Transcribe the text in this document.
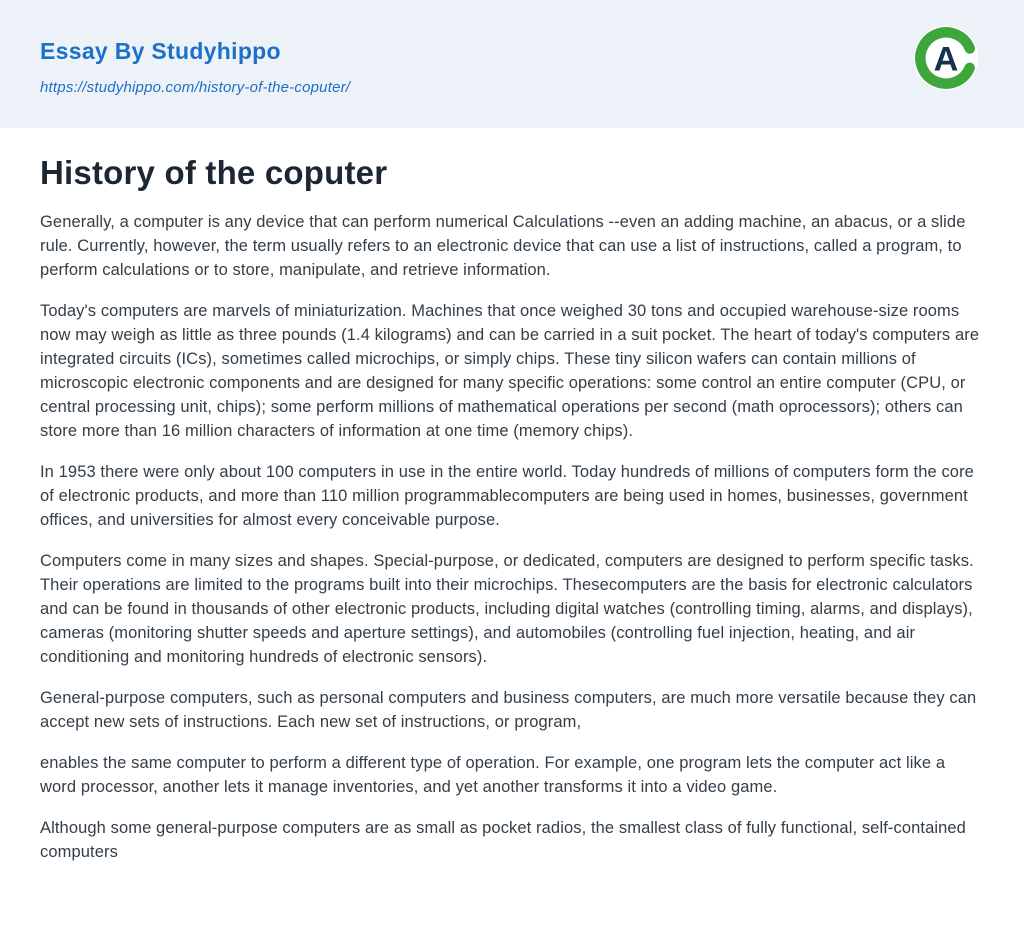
Essay By Studyhippo
https://studyhippo.com/history-of-the-coputer/
A
History of the coputer

Generally, a computer is any device that can perform numerical Calculations --even an adding machine, an abacus, or a slide rule. Currently, however, the term usually refers to an electronic device that can use a list of instructions, called a program, to perform calculations or to store, manipulate, and retrieve information.

Today's computers are marvels of miniaturization. Machines that once weighed 30 tons and occupied warehouse-size rooms now may weigh as little as three pounds (1.4 kilograms) and can be carried in a suit pocket. The heart of today's computers are integrated circuits (ICs), sometimes called microchips, or simply chips. These tiny silicon wafers can contain millions of microscopic electronic components and are designed for many specific operations: some control an entire computer (CPU, or central processing unit, chips); some perform millions of mathematical operations per second (math oprocessors); others can store more than 16 million characters of information at one time (memory chips).

In 1953 there were only about 100 computers in use in the entire world. Today hundreds of millions of computers form the core of electronic products, and more than 110 million programmablecomputers are being used in homes, businesses, government offices, and universities for almost every conceivable purpose.

Computers come in many sizes and shapes. Special-purpose, or dedicated, computers are designed to perform specific tasks. Their operations are limited to the programs built into their microchips. Thesecomputers are the basis for electronic calculators and can be found in thousands of other electronic products, including digital watches (controlling timing, alarms, and displays), cameras (monitoring shutter speeds and aperture settings), and automobiles (controlling fuel injection, heating, and air conditioning and monitoring hundreds of electronic sensors).

General-purpose computers, such as personal computers and business computers, are much more versatile because they can accept new sets of instructions. Each new set of instructions, or program,

enables the same computer to perform a different type of operation. For example, one program lets the computer act like a word processor, another lets it manage inventories, and yet another transforms it into a video game.

Although some general-purpose computers are as small as pocket radios, the smallest class of fully functional, self-contained computers
